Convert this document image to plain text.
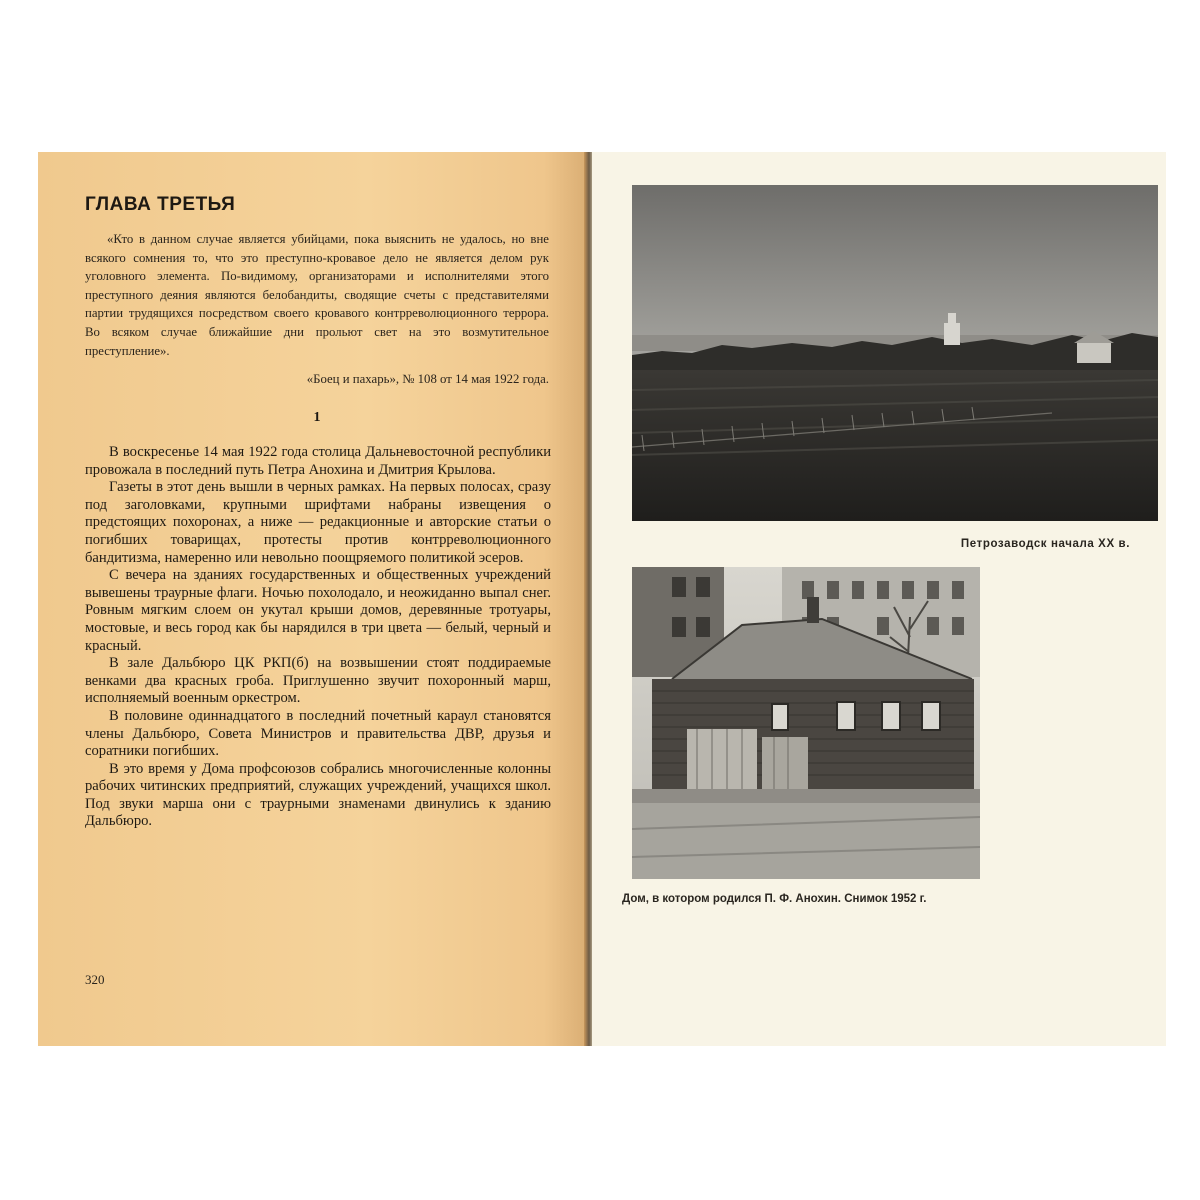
ГЛАВА ТРЕТЬЯ

«Кто в данном случае является убийцами, пока выяснить не удалось, но вне всякого сомнения то, что это преступно-кровавое дело не является делом рук уголовного элемента. По-видимому, организаторами и исполнителями этого преступного деяния являются белобандиты, сводящие счеты с представителями партии трудящихся посредством своего кровавого контрреволюционного террора. Во всяком случае ближайшие дни прольют свет на это возмутительное преступление».

«Боец и пахарь», № 108 от 14 мая 1922 года.

1

В воскресенье 14 мая 1922 года столица Дальневосточной республики провожала в последний путь Петра Анохина и Дмитрия Крылова.

Газеты в этот день вышли в черных рамках. На первых полосах, сразу под заголовками, крупными шрифтами набраны извещения о предстоящих похоронах, а ниже — редакционные и авторские статьи о погибших товарищах, протесты против контрреволюционного бандитизма, намеренно или невольно поощряемого политикой эсеров.

С вечера на зданиях государственных и общественных учреждений вывешены траурные флаги. Ночью похолодало, и неожиданно выпал снег. Ровным мягким слоем он укутал крыши домов, деревянные тротуары, мостовые, и весь город как бы нарядился в три цвета — белый, черный и красный.

В зале Дальбюро ЦК РКП(б) на возвышении стоят поддираемые венками два красных гроба. Приглушенно звучит похоронный марш, исполняемый военным оркестром.

В половине одиннадцатого в последний почетный караул становятся члены Дальбюро, Совета Министров и правительства ДВР, друзья и соратники погибших.

В это время у Дома профсоюзов собрались многочисленные колонны рабочих читинских предприятий, служащих учреждений, учащихся школ. Под звуки марша они с траурными знаменами двинулись к зданию Дальбюро.

320

Петрозаводск начала XX в.

Дом, в котором родился П. Ф. Анохин. Снимок 1952 г.
